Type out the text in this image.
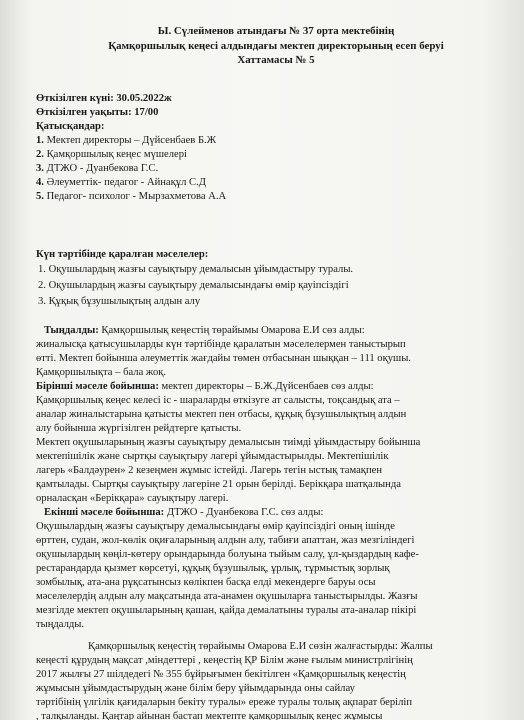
Ы. Сүлейменов атындағы № 37 орта мектебінің
Қамқоршылық кеңесі алдындағы мектеп директорының есеп беруі
Хаттамасы № 5
Өткізілген күні: 30.05.2022ж
Өткізілген уақыты: 17/00
Қатысқандар:
1. Мектеп директоры – Дүйсенбаев Б.Ж
2. Қамқоршылық кеңес мүшелері
3. ДТЖО - Дуанбекова Г.С.
4. Әлеуметтік- педагог - Айнақұл С.Д
5. Педагог- психолог - Мырзахметова А.А
Күн тәртібінде қаралған мәселелер:
1. Оқушылардың жазғы сауықтыру демалысын ұйымдастыру туралы.
2. Оқушылардың жазғы сауықтыру демалысындағы өмір қауіпсіздігі
3. Құқық бұзушылықтың алдын алу
Тыңдалды: Қамқоршылық кеңестің төрайымы Омарова Е.И сөз алды:
жиналысқа қатысушыларды күн тәртібінде қаралатын мәселелермен таныстырып
өтті. Мектеп бойынша әлеуметтік жағдайы төмен отбасынан шыққан – 111 оқушы.
Қамқоршылықта – бала жоқ.
Бірінші мәселе бойынша: мектеп директоры – Б.Ж.Дүйсенбаев сөз алды:
Қамқоршылық кеңес келесі іс - шараларды өткізуге ат салысты, тоқсандық ата –
аналар жиналыстарына қатысты мектеп пен отбасы, құқық бұзушылықтың алдын
алу бойынша жүргізілген рейдтерге қатысты.
Мектеп оқушыларының жазғы сауықтыру демалысын тиімді ұйымдастыру бойынша
мектепішілік және сыртқы сауықтыру лагері ұйымдастырылды. Мектепішілік
лагерь «Балдәурен» 2 кезеңмен жұмыс істейді. Лагерь тегін ыстық тамақпен
қамтылады. Сыртқы сауықтыру лагеріне 21 орын берілді. Берікқара шатқалында
орналасқан «Берікқара» сауықтыру лагері.
Екінші мәселе бойынша: ДТЖО - Дуанбекова Г.С. сөз алды:
Оқушылардың жазғы сауықтыру демалысындағы өмір қауіпсіздігі оның ішінде
өрттен, судан, жол-көлік оқиғаларының алдын алу, табиғи апаттан, жаз мезгіліндегі
оқушылардың көңіл-көтеру орындарында болуына тыйым салу, ұл-қыздардың кафе-
рестарандарда қызмет көрсетуі, құқық бұзушылық, ұрлық, тұрмыстық зорлық
зомбылық, ата-ана рұқсатынсыз көлікпен басқа елді мекендерге баруы осы
мәселелердің алдын алу мақсатында ата-анамен оқушыларға таныстырылды. Жазғы
мезгілде мектеп оқушыларының қашан, қайда демалатыны туралы ата-аналар пікірі
тыңдалды.
Қамқоршылық кеңестің төрайымы Омарова Е.И сөзін жалғастырды: Жалпы
кеңесті құрудың мақсат ,міндеттері , кеңестің ҚР Білім және ғылым министрлігінің
2017 жылғы 27 шілдедегі № 355 бұйрығымен бекітілген «Қамқоршылық кеңестің
жұмысын ұйымдастырудың және білім беру ұйымдарында оны сайлау
тәртібінің үлгілік қағидаларын бекіту туралы» ереже туралы толық ақпарат беріліп
, талқыланды. Қаңтар айынан бастап мектепте қамқоршылық кеңес жұмысы
